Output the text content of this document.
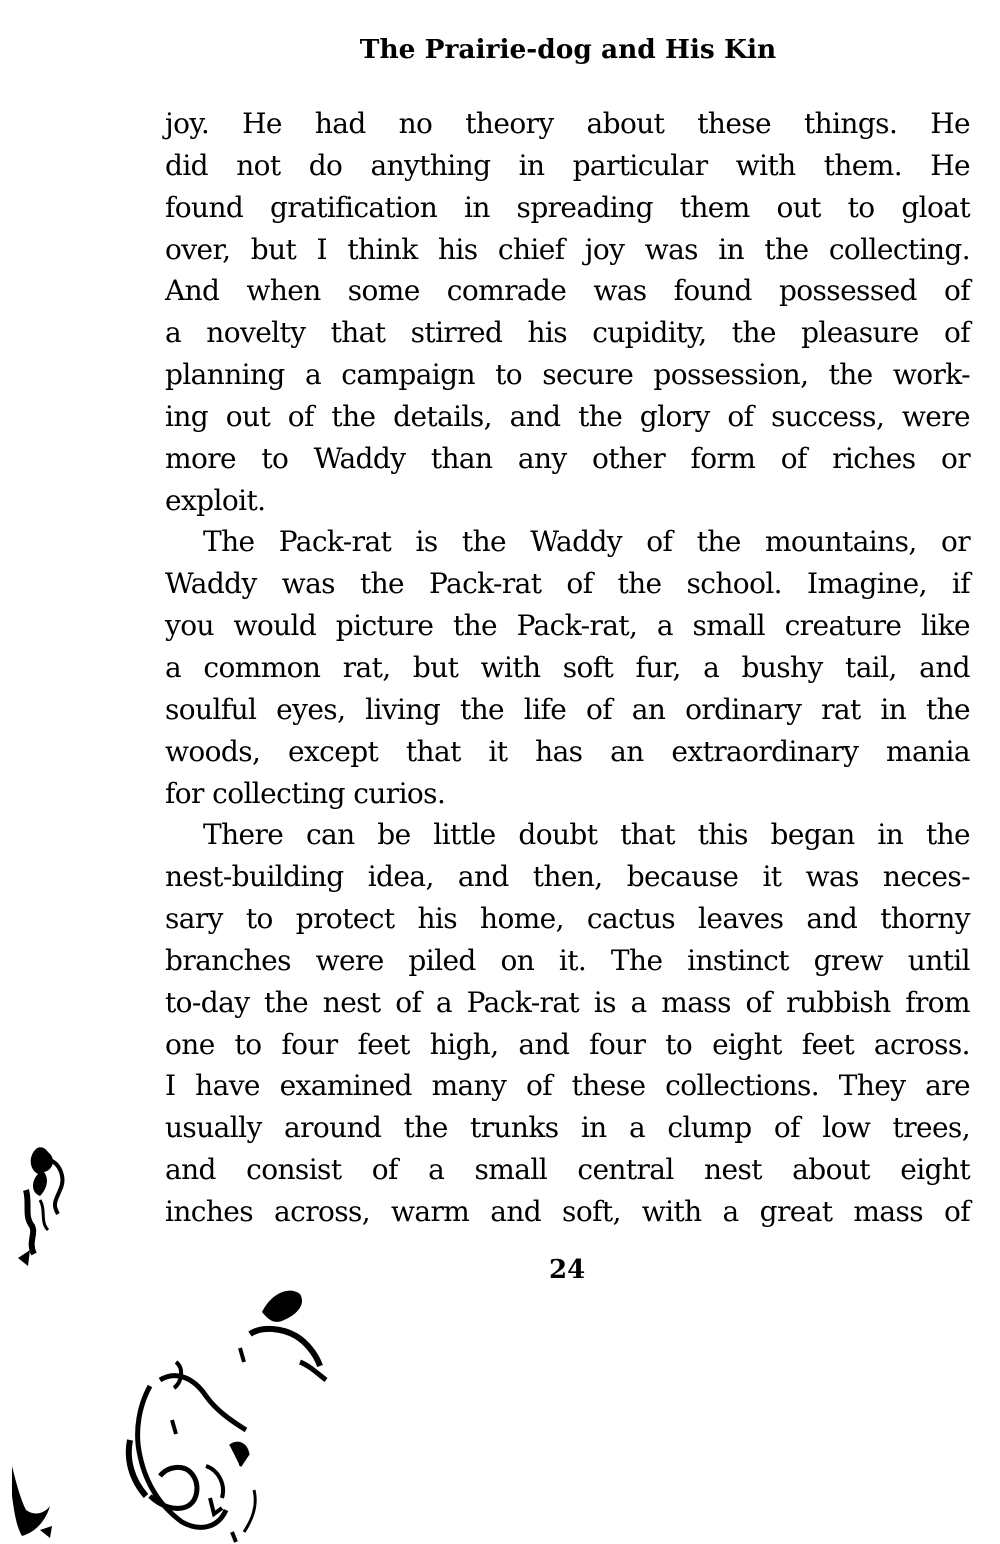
The Prairie-dog and His Kin
joy. He had no theory about these things. He
did not do anything in particular with them. He
found gratification in spreading them out to gloat
over, but I think his chief joy was in the collecting.
And when some comrade was found possessed of
a novelty that stirred his cupidity, the pleasure of
planning a campaign to secure possession, the work-
ing out of the details, and the glory of success, were
more to Waddy than any other form of riches or
exploit.
The Pack-rat is the Waddy of the mountains, or
Waddy was the Pack-rat of the school. Imagine, if
you would picture the Pack-rat, a small creature like
a common rat, but with soft fur, a bushy tail, and
soulful eyes, living the life of an ordinary rat in the
woods, except that it has an extraordinary mania
for collecting curios.
There can be little doubt that this began in the
nest-building idea, and then, because it was neces-
sary to protect his home, cactus leaves and thorny
branches were piled on it. The instinct grew until
to-day the nest of a Pack-rat is a mass of rubbish from
one to four feet high, and four to eight feet across.
I have examined many of these collections. They are
usually around the trunks in a clump of low trees,
and consist of a small central nest about eight
inches across, warm and soft, with a great mass of
24
